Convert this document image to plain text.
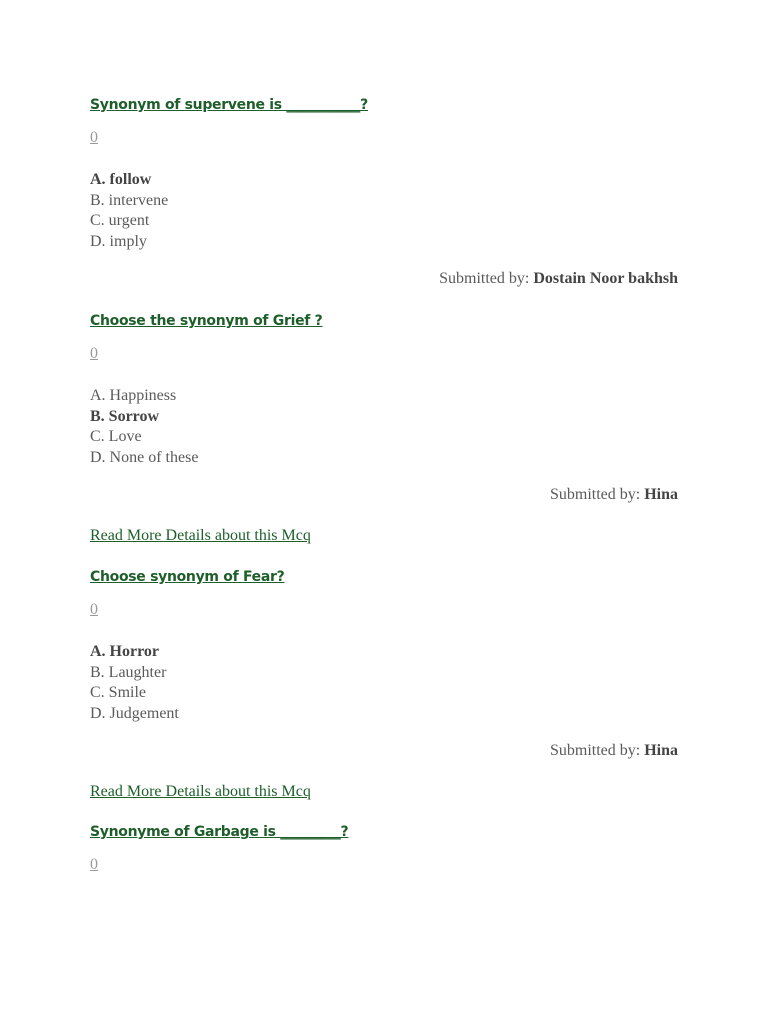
Synonym of supervene is ___________?
0
A. follow
B. intervene
C. urgent
D. imply
Submitted by: Dostain Noor bakhsh
Choose the synonym of Grief ?
0
A. Happiness
B. Sorrow
C. Love
D. None of these
Submitted by: Hina
Read More Details about this Mcq
Choose synonym of Fear?
0
A. Horror
B. Laughter
C. Smile
D. Judgement
Submitted by: Hina
Read More Details about this Mcq
Synonyme of Garbage is _________?
0
